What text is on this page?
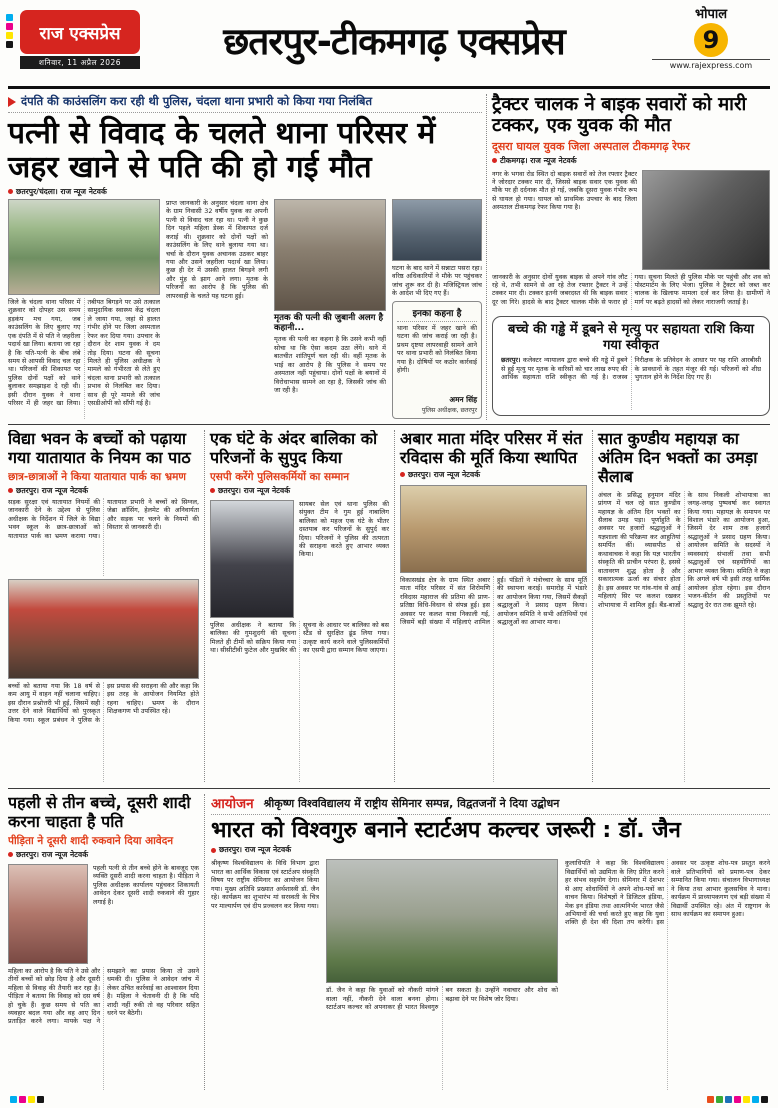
राज एक्सप्रेस
शनिवार, 11 अप्रैल 2026	छतरपुर-टीकमगढ़ एक्सप्रेस
भोपाल
9
www.rajexpress.com
दंपति की काउंसलिंग करा रही थी पुलिस, चंदला थाना प्रभारी को किया गया निलंबित
पत्नी से विवाद के चलते थाना परिसर में जहर खाने से पति की हो गई मौत
छतरपुर/चंदला। राज न्यूज नेटवर्क
जिले के चंदला थाना परिसर में शुक्रवार को दोपहर उस समय हड़कंप मच गया, जब काउंसलिंग के लिए बुलाए गए एक दंपति में से पति ने जहरीला पदार्थ खा लिया। बताया जा रहा है कि पति-पत्नी के बीच लंबे समय से आपसी विवाद चल रहा था। परिजनों की शिकायत पर पुलिस दोनों पक्षों को थाने बुलाकर समझाइश दे रही थी। इसी दौरान युवक ने थाना परिसर में ही जहर खा लिया। तबीयत बिगड़ने पर उसे तत्काल सामुदायिक स्वास्थ्य केंद्र चंदला ले जाया गया, जहां से हालत गंभीर होने पर जिला अस्पताल रेफर कर दिया गया। उपचार के दौरान देर शाम युवक ने दम तोड़ दिया। घटना की सूचना मिलते ही पुलिस अधीक्षक ने मामले को गंभीरता से लेते हुए चंदला थाना प्रभारी को तत्काल प्रभाव से निलंबित कर दिया। साथ ही पूरे मामले की जांच एसडीओपी को सौंपी गई है।
प्राप्त जानकारी के अनुसार चंदला थाना क्षेत्र के ग्राम निवासी 32 वर्षीय युवक का अपनी पत्नी से विवाद चल रहा था। पत्नी ने कुछ दिन पहले महिला डेस्क में शिकायत दर्ज कराई थी। शुक्रवार को दोनों पक्षों को काउंसलिंग के लिए थाने बुलाया गया था। चर्चा के दौरान युवक अचानक उठकर बाहर गया और उसने जहरीला पदार्थ खा लिया। कुछ ही देर में उसकी हालत बिगड़ने लगी और मुंह से झाग आने लगा। मृतक के परिजनों का आरोप है कि पुलिस की लापरवाही के चलते यह घटना हुई।
मृतक की पत्नी की जुबानी अलग है कहानी...
मृतक की पत्नी का कहना है कि उसने कभी नहीं सोचा था कि ऐसा कदम उठा लेंगे। थाने में बातचीत शांतिपूर्ण चल रही थी। वहीं मृतक के भाई का आरोप है कि पुलिस ने समय पर अस्पताल नहीं पहुंचाया। दोनों पक्षों के बयानों में विरोधाभास सामने आ रहा है, जिसकी जांच की जा रही है।
घटना के बाद थाने में सन्नाटा पसरा रहा। वरिष्ठ अधिकारियों ने मौके पर पहुंचकर जांच शुरू कर दी है। मजिस्ट्रियल जांच के आदेश भी दिए गए हैं।
इनका कहना है
थाना परिसर में जहर खाने की घटना की जांच कराई जा रही है। प्रथम दृष्टया लापरवाही सामने आने पर थाना प्रभारी को निलंबित किया गया है। दोषियों पर कठोर कार्रवाई होगी।
अमन सिंह
पुलिस अधीक्षक, छतरपुर
ट्रैक्टर चालक ने बाइक सवारों को मारी टक्कर, एक युवक की मौत
दूसरा घायल युवक जिला अस्पताल टीकमगढ़ रेफर
टीकमगढ़। राज न्यूज नेटवर्क
नगर के भगवा रोड स्थित दो बाइक सवारों को तेज रफ्तार ट्रैक्टर ने जोरदार टक्कर मार दी, जिससे बाइक सवार एक युवक की मौके पर ही दर्दनाक मौत हो गई, जबकि दूसरा युवक गंभीर रूप से घायल हो गया। घायल को प्राथमिक उपचार के बाद जिला अस्पताल टीकमगढ़ रेफर किया गया है।
जानकारी के अनुसार दोनों युवक बाइक से अपने गांव लौट रहे थे, तभी सामने से आ रहे तेज रफ्तार ट्रैक्टर ने उन्हें टक्कर मार दी। टक्कर इतनी जबरदस्त थी कि बाइक सवार दूर जा गिरे। हादसे के बाद ट्रैक्टर चालक मौके से फरार हो गया। सूचना मिलते ही पुलिस मौके पर पहुंची और शव को पोस्टमार्टम के लिए भेजा। पुलिस ने ट्रैक्टर को जब्त कर चालक के खिलाफ मामला दर्ज कर लिया है। ग्रामीणों ने मार्ग पर बढ़ते हादसों को लेकर नाराजगी जताई है।
बच्चे की गड्ढे में डूबने से मृत्यु पर सहायता राशि किया गया स्वीकृत
छतरपुर। कलेक्टर न्यायालय द्वारा बच्चे की गड्ढे में डूबने से हुई मृत्यु पर मृतक के वारिसों को चार लाख रुपए की आर्थिक सहायता राशि स्वीकृत की गई है। राजस्व निरीक्षक के प्रतिवेदन के आधार पर यह राशि आरबीसी के प्रावधानों के तहत मंजूर की गई। परिजनों को शीघ्र भुगतान होने के निर्देश दिए गए हैं।
विद्या भवन के बच्चों को पढ़ाया गया यातायात के नियम का पाठ
छात्र-छात्राओं ने किया यातायात पार्क का भ्रमण
छतरपुर। राज न्यूज नेटवर्क
सड़क सुरक्षा एवं यातायात नियमों की जानकारी देने के उद्देश्य से पुलिस अधीक्षक के निर्देशन में जिले के विद्या भवन स्कूल के छात्र-छात्राओं को यातायात पार्क का भ्रमण कराया गया। यातायात प्रभारी ने बच्चों को सिग्नल, जेब्रा क्रॉसिंग, हेलमेट की अनिवार्यता और सड़क पर चलने के नियमों की विस्तार से जानकारी दी।
बच्चों को बताया गया कि 18 वर्ष से कम आयु में वाहन नहीं चलाना चाहिए। इस दौरान प्रश्नोत्तरी भी हुई, जिसमें सही उत्तर देने वाले विद्यार्थियों को पुरस्कृत किया गया। स्कूल प्रबंधन ने पुलिस के इस प्रयास की सराहना की और कहा कि इस तरह के आयोजन नियमित होते रहना चाहिए। भ्रमण के दौरान शिक्षकगण भी उपस्थित रहे।
एक घंटे के अंदर बालिका को परिजनों के सुपुद किया
एसपी करेंगे पुलिसकर्मियों का सम्मान
छतरपुर। राज न्यूज नेटवर्क
सायबर सेल एवं थाना पुलिस की संयुक्त टीम ने गुम हुई नाबालिग बालिका को महज एक घंटे के भीतर दस्तयाब कर परिजनों के सुपुर्द कर दिया। परिजनों ने पुलिस की तत्परता की सराहना करते हुए आभार व्यक्त किया।
पुलिस अधीक्षक ने बताया कि बालिका की गुमशुदगी की सूचना मिलते ही टीमों को सक्रिय किया गया था। सीसीटीवी फुटेज और मुखबिर की सूचना के आधार पर बालिका को बस स्टैंड से सुरक्षित ढूंढ लिया गया। उत्कृष्ट कार्य करने वाले पुलिसकर्मियों का एसपी द्वारा सम्मान किया जाएगा।
अबार माता मंदिर परिसर में संत रविदास की मूर्ति किया स्थापित
छतरपुर। राज न्यूज नेटवर्क
विकासखंड क्षेत्र के ग्राम स्थित अबार माता मंदिर परिसर में संत शिरोमणि रविदास महाराज की प्रतिमा की प्राण-प्रतिष्ठा विधि-विधान से संपन्न हुई। इस अवसर पर कलश यात्रा निकाली गई, जिसमें बड़ी संख्या में महिलाएं शामिल हुईं। पंडितों ने मंत्रोच्चार के साथ मूर्ति की स्थापना कराई। समारोह में भंडारे का आयोजन किया गया, जिसमें सैकड़ों श्रद्धालुओं ने प्रसाद ग्रहण किया। आयोजन समिति ने सभी अतिथियों एवं श्रद्धालुओं का आभार माना।
सात कुण्डीय महायज्ञ का अंतिम दिन भक्तों का उमड़ा सैलाब
अंचल के प्रसिद्ध हनुमान मंदिर प्रांगण में चल रहे सात कुण्डीय महायज्ञ के अंतिम दिन भक्तों का सैलाब उमड़ पड़ा। पूर्णाहुति के अवसर पर हजारों श्रद्धालुओं ने यज्ञशाला की परिक्रमा कर आहुतियां समर्पित कीं। व्यासपीठ से कथावाचक ने कहा कि यज्ञ भारतीय संस्कृति की प्राचीन परंपरा है, इससे वातावरण शुद्ध होता है और सकारात्मक ऊर्जा का संचार होता है। इस अवसर पर गांव-गांव से आई महिलाएं सिर पर कलश रखकर शोभायात्रा में शामिल हुईं। बैंड-बाजों के साथ निकली शोभायात्रा का जगह-जगह पुष्पवर्षा कर स्वागत किया गया। महायज्ञ के समापन पर विशाल भंडारे का आयोजन हुआ, जिसमें देर शाम तक हजारों श्रद्धालुओं ने प्रसाद ग्रहण किया। आयोजन समिति के सदस्यों ने व्यवस्थाएं संभालीं तथा सभी श्रद्धालुओं एवं सहयोगियों का आभार व्यक्त किया। समिति ने कहा कि अगले वर्ष भी इसी तरह धार्मिक आयोजन होता रहेगा। इस दौरान भजन-कीर्तन की प्रस्तुतियों पर श्रद्धालु देर रात तक झूमते रहे।
पहली से तीन बच्चे, दूसरी शादी करना चाहता है पति
पीड़िता ने दूसरी शादी रुकवाने दिया आवेदन
छतरपुर। राज न्यूज नेटवर्क
पहली पत्नी से तीन बच्चे होने के बावजूद एक व्यक्ति दूसरी शादी करना चाहता है। पीड़िता ने पुलिस अधीक्षक कार्यालय पहुंचकर शिकायती आवेदन देकर दूसरी शादी रुकवाने की गुहार लगाई है।
महिला का आरोप है कि पति ने उसे और तीनों बच्चों को छोड़ दिया है और दूसरी महिला से विवाह की तैयारी कर रहा है। पीड़िता ने बताया कि विवाह को दस वर्ष हो चुके हैं। कुछ समय से पति का व्यवहार बदल गया और वह आए दिन प्रताड़ित करने लगा। मायके पक्ष ने समझाने का प्रयास किया तो उसने धमकी दी। पुलिस ने आवेदन जांच में लेकर उचित कार्रवाई का आश्वासन दिया है। महिला ने चेतावनी दी है कि यदि शादी नहीं रुकी तो वह परिवार सहित धरने पर बैठेगी।
आयोजन श्रीकृष्ण विश्वविद्यालय में राष्ट्रीय सेमिनार सम्पन्न, विद्वतजनों ने दिया उद्बोधन
भारत को विश्वगुरु बनाने स्टार्टअप कल्चर जरूरी : डॉ. जैन
छतरपुर। राज न्यूज नेटवर्क
श्रीकृष्ण विश्वविद्यालय के विधि विभाग द्वारा भारत का आर्थिक विकास एवं स्टार्टअप संस्कृति विषय पर राष्ट्रीय सेमिनार का आयोजन किया गया। मुख्य अतिथि प्रख्यात अर्थशास्त्री डॉ. जैन रहे। कार्यक्रम का शुभारंभ मां सरस्वती के चित्र पर माल्यार्पण एवं दीप प्रज्वलन कर किया गया।
डॉ. जैन ने कहा कि युवाओं को नौकरी मांगने वाला नहीं, नौकरी देने वाला बनना होगा। स्टार्टअप कल्चर को अपनाकर ही भारत विश्वगुरु बन सकता है। उन्होंने नवाचार और शोध को बढ़ावा देने पर विशेष जोर दिया।
कुलाधिपति ने कहा कि विश्वविद्यालय विद्यार्थियों को उद्यमिता के लिए प्रेरित करने हर संभव सहयोग देगा। सेमिनार में देशभर से आए शोधार्थियों ने अपने शोध-पत्रों का वाचन किया। विशेषज्ञों ने डिजिटल इंडिया, मेक इन इंडिया तथा आत्मनिर्भर भारत जैसे अभियानों की चर्चा करते हुए कहा कि युवा शक्ति ही देश की दिशा तय करेगी। इस अवसर पर उत्कृष्ट शोध-पत्र प्रस्तुत करने वाले प्रतिभागियों को प्रमाण-पत्र देकर सम्मानित किया गया। संचालन विभागाध्यक्ष ने किया तथा आभार कुलसचिव ने माना। कार्यक्रम में प्राध्यापकगण एवं बड़ी संख्या में विद्यार्थी उपस्थित रहे। अंत में राष्ट्रगान के साथ कार्यक्रम का समापन हुआ।
